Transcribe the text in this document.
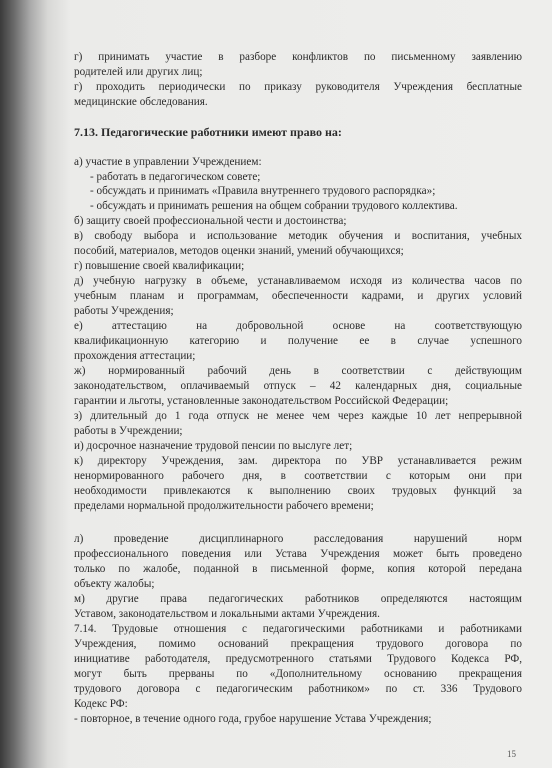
г) принимать участие в разборе конфликтов по письменному заявлению
родителей или других лиц;
г) проходить периодически по приказу руководителя Учреждения бесплатные
медицинские обследования.
7.13. Педагогические работники имеют право на:
а) участие в управлении Учреждением:
- работать в педагогическом совете;
- обсуждать и принимать «Правила внутреннего трудового распорядка»;
- обсуждать и принимать решения на общем собрании трудового коллектива.
б) защиту своей профессиональной чести и достоинства;
в) свободу выбора и использование методик обучения и воспитания, учебных
пособий, материалов, методов оценки знаний, умений обучающихся;
г) повышение своей квалификации;
д) учебную нагрузку в объеме, устанавливаемом исходя из количества часов по
учебным планам и программам, обеспеченности кадрами, и других условий
работы Учреждения;
е) аттестацию на добровольной основе на соответствующую
квалификационную категорию и получение ее в случае успешного
прохождения аттестации;
ж) нормированный рабочий день в соответствии с действующим
законодательством, оплачиваемый отпуск – 42 календарных дня, социальные
гарантии и льготы, установленные законодательством Российской Федерации;
з) длительный до 1 года отпуск не менее чем через каждые 10 лет непрерывной
работы в Учреждении;
и) досрочное назначение трудовой пенсии по выслуге лет;
к) директору Учреждения, зам. директора по УВР устанавливается режим
ненормированного рабочего дня, в соответствии с которым они при
необходимости привлекаются к выполнению своих трудовых функций за
пределами нормальной продолжительности рабочего времени;
л) проведение дисциплинарного расследования нарушений норм
профессионального поведения или Устава Учреждения может быть проведено
только по жалобе, поданной в письменной форме, копия которой передана
объекту жалобы;
м) другие права педагогических работников определяются настоящим
Уставом, законодательством и локальными актами Учреждения.
7.14. Трудовые отношения с педагогическими работниками и работниками
Учреждения, помимо оснований прекращения трудового договора по
инициативе работодателя, предусмотренного статьями Трудового Кодекса РФ,
могут быть прерваны по «Дополнительному основанию прекращения
трудового договора с педагогическим работником» по ст. 336 Трудового
Кодекс РФ:
- повторное, в течение одного года, грубое нарушение Устава Учреждения;
15
